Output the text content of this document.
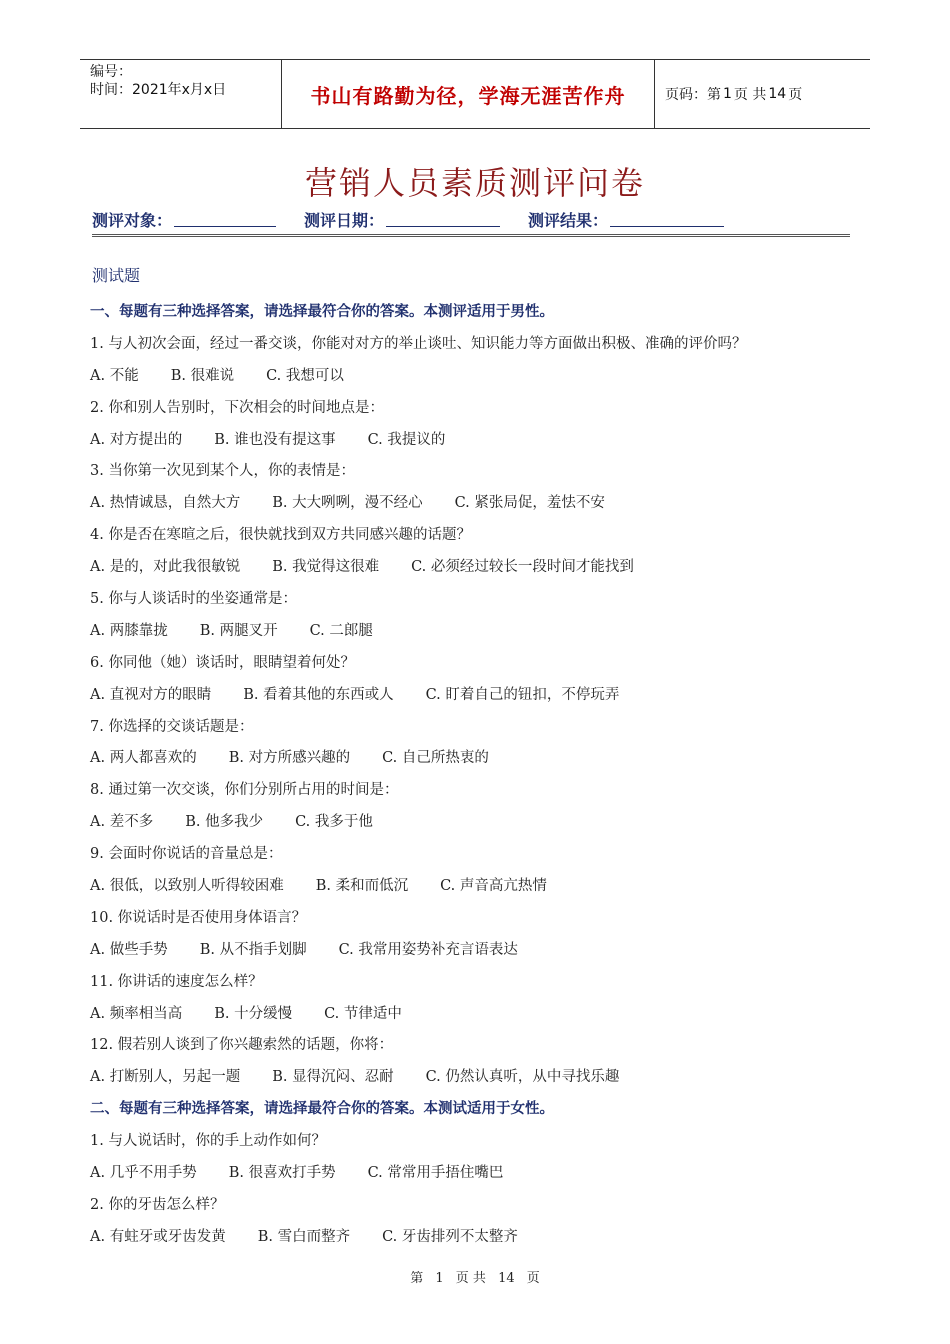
编号：
时间：2021年x月x日	书山有路勤为径，学海无涯苦作舟	页码：第 1 页 共 14 页
营销人员素质测评问卷
测评对象：	测评日期：	测评结果：
测试题
一、每题有三种选择答案，请选择最符合你的答案。本测评适用于男性。
1. 与人初次会面，经过一番交谈，你能对对方的举止谈吐、知识能力等方面做出积极、准确的评价吗？
A. 不能 B. 很难说 C. 我想可以
2. 你和别人告别时，下次相会的时间地点是：
A. 对方提出的 B. 谁也没有提这事 C. 我提议的
3. 当你第一次见到某个人，你的表情是：
A. 热情诚恳，自然大方 B. 大大咧咧，漫不经心 C. 紧张局促，羞怯不安
4. 你是否在寒暄之后，很快就找到双方共同感兴趣的话题？
A. 是的，对此我很敏锐 B. 我觉得这很难 C. 必须经过较长一段时间才能找到
5. 你与人谈话时的坐姿通常是：
A. 两膝靠拢 B. 两腿叉开 C. 二郎腿
6. 你同他（她）谈话时，眼睛望着何处？
A. 直视对方的眼睛 B. 看着其他的东西或人 C. 盯着自己的钮扣，不停玩弄
7. 你选择的交谈话题是：
A. 两人都喜欢的 B. 对方所感兴趣的 C. 自己所热衷的
8. 通过第一次交谈，你们分别所占用的时间是：
A. 差不多 B. 他多我少 C. 我多于他
9. 会面时你说话的音量总是：
A. 很低，以致别人听得较困难 B. 柔和而低沉 C. 声音高亢热情
10. 你说话时是否使用身体语言？
A. 做些手势 B. 从不指手划脚 C. 我常用姿势补充言语表达
11. 你讲话的速度怎么样？
A. 频率相当高 B. 十分缓慢 C. 节律适中
12. 假若别人谈到了你兴趣索然的话题，你将：
A. 打断别人，另起一题 B. 显得沉闷、忍耐 C. 仍然认真听，从中寻找乐趣
二、每题有三种选择答案，请选择最符合你的答案。本测试适用于女性。
1. 与人说话时，你的手上动作如何？
A. 几乎不用手势 B. 很喜欢打手势 C. 常常用手捂住嘴巴
2. 你的牙齿怎么样？
A. 有蛀牙或牙齿发黄 B. 雪白而整齐 C. 牙齿排列不太整齐
第 1 页 共 14 页
